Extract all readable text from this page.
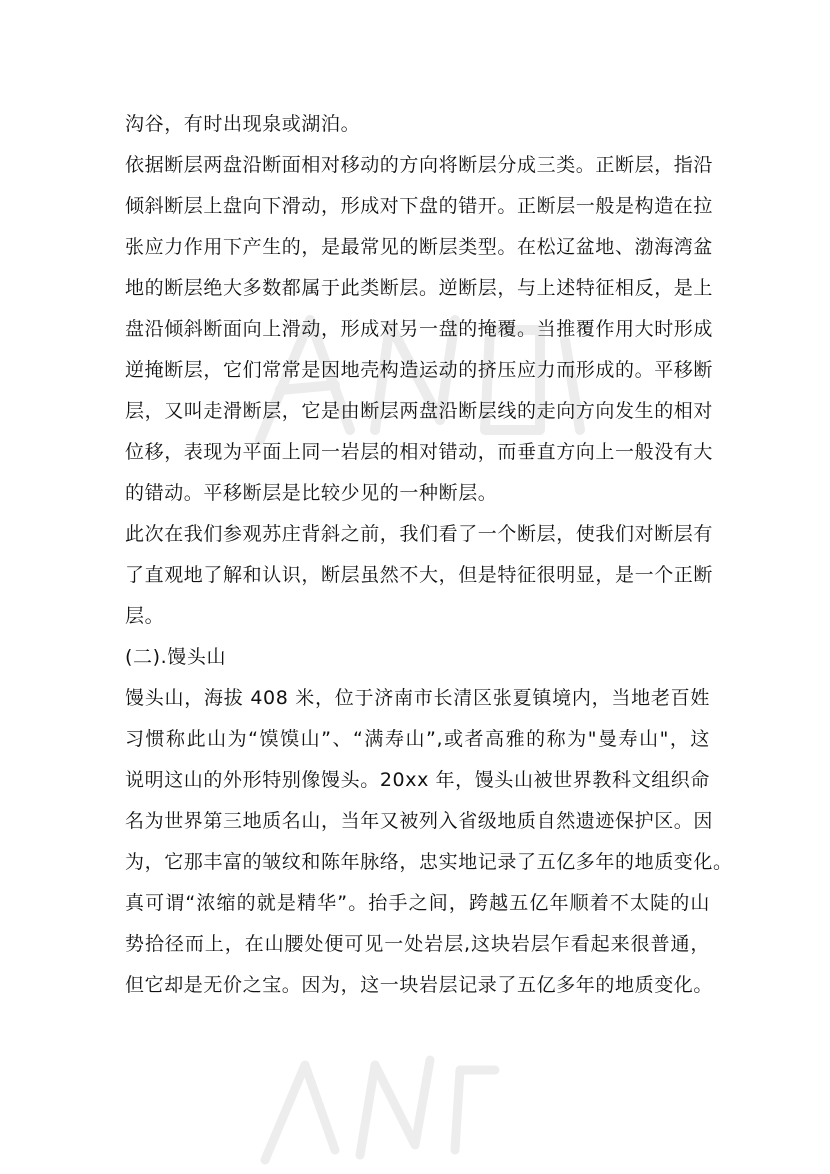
沟谷，有时出现泉或湖泊。
依据断层两盘沿断面相对移动的方向将断层分成三类。正断层，指沿
倾斜断层上盘向下滑动，形成对下盘的错开。正断层一般是构造在拉
张应力作用下产生的，是最常见的断层类型。在松辽盆地、渤海湾盆
地的断层绝大多数都属于此类断层。逆断层，与上述特征相反，是上
盘沿倾斜断面向上滑动，形成对另一盘的掩覆。当推覆作用大时形成
逆掩断层，它们常常是因地壳构造运动的挤压应力而形成的。平移断
层，又叫走滑断层，它是由断层两盘沿断层线的走向方向发生的相对
位移，表现为平面上同一岩层的相对错动，而垂直方向上一般没有大
的错动。平移断层是比较少见的一种断层。
此次在我们参观苏庄背斜之前，我们看了一个断层，使我们对断层有
了直观地了解和认识，断层虽然不大，但是特征很明显，是一个正断
层。
(二).馒头山
馒头山，海拔 408 米，位于济南市长清区张夏镇境内，当地老百姓
习惯称此山为“馍馍山”、“满寿山”,或者高雅的称为"曼寿山"，这
说明这山的外形特别像馒头。20xx 年，馒头山被世界教科文组织命
名为世界第三地质名山，当年又被列入省级地质自然遗迹保护区。因
为，它那丰富的皱纹和陈年脉络，忠实地记录了五亿多年的地质变化。
真可谓“浓缩的就是精华”。抬手之间，跨越五亿年顺着不太陡的山
势拾径而上，在山腰处便可见一处岩层,这块岩层乍看起来很普通，
但它却是无价之宝。因为，这一块岩层记录了五亿多年的地质变化。
